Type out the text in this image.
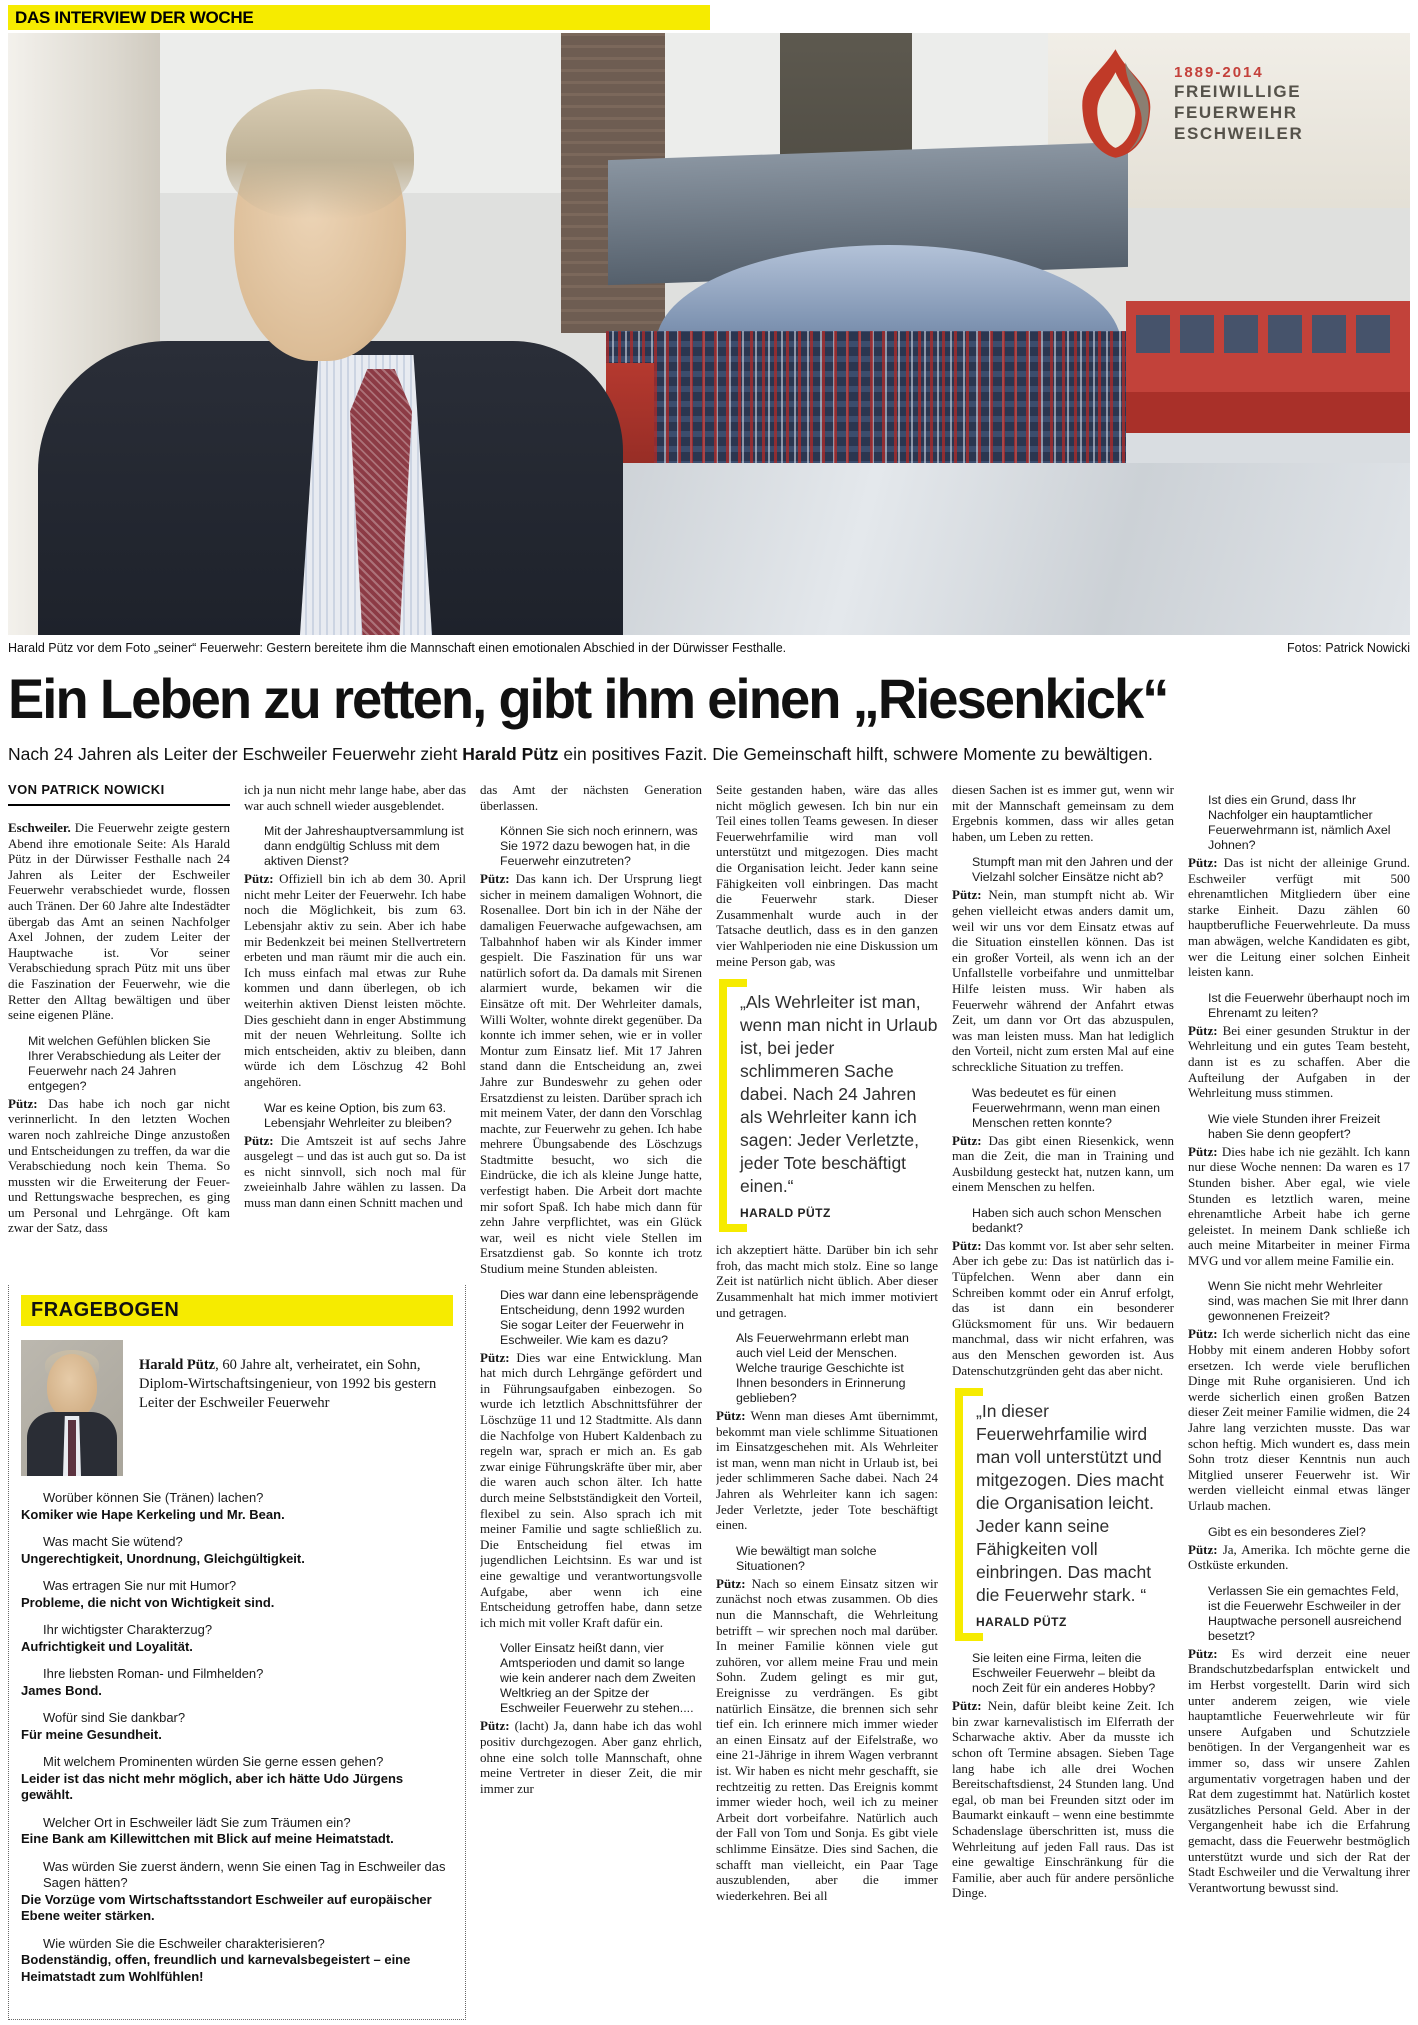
DAS INTERVIEW DER WOCHE
1889-2014
FREIWILLIGE
FEUERWEHR
ESCHWEILER
Harald Pütz vor dem Foto „seiner“ Feuerwehr: Gestern bereitete ihm die Mannschaft einen emotionalen Abschied in der Dürwisser Festhalle.	Fotos: Patrick Nowicki
Ein Leben zu retten, gibt ihm einen „Riesenkick“
Nach 24 Jahren als Leiter der Eschweiler Feuerwehr zieht Harald Pütz ein positives Fazit. Die Gemeinschaft hilft, schwere Momente zu bewältigen.
VON PATRICK NOWICKI

Eschweiler. Die Feuerwehr zeigte gestern Abend ihre emotionale Seite: Als Harald Pütz in der Dürwisser Festhalle nach 24 Jahren als Leiter der Eschweiler Feuerwehr verabschiedet wurde, flossen auch Tränen. Der 60 Jahre alte Indestädter übergab das Amt an seinen Nachfolger Axel Johnen, der zudem Leiter der Hauptwache ist. Vor seiner Verabschiedung sprach Pütz mit uns über die Faszination der Feuerwehr, wie die Retter den Alltag bewältigen und über seine eigenen Pläne.

Mit welchen Gefühlen blicken Sie Ihrer Verabschiedung als Leiter der Feuerwehr nach 24 Jahren entgegen?

Pütz: Das habe ich noch gar nicht verinnerlicht. In den letzten Wochen waren noch zahlreiche Dinge anzustoßen und Entscheidungen zu treffen, da war die Verabschiedung noch kein Thema. So mussten wir die Erweiterung der Feuer- und Rettungswache besprechen, es ging um Personal und Lehrgänge. Oft kam zwar der Satz, dass

ich ja nun nicht mehr lange habe, aber das war auch schnell wieder ausgeblendet.

Mit der Jahreshauptversammlung ist dann endgültig Schluss mit dem aktiven Dienst?

Pütz: Offiziell bin ich ab dem 30. April nicht mehr Leiter der Feuerwehr. Ich habe noch die Möglichkeit, bis zum 63. Lebensjahr aktiv zu sein. Aber ich habe mir Bedenkzeit bei meinen Stellvertretern erbeten und man räumt mir die auch ein. Ich muss einfach mal etwas zur Ruhe kommen und dann überlegen, ob ich weiterhin aktiven Dienst leisten möchte. Dies geschieht dann in enger Abstimmung mit der neuen Wehrleitung. Sollte ich mich entscheiden, aktiv zu bleiben, dann würde ich dem Löschzug 42 Bohl angehören.

War es keine Option, bis zum 63. Lebensjahr Wehrleiter zu bleiben?

Pütz: Die Amtszeit ist auf sechs Jahre ausgelegt – und das ist auch gut so. Da ist es nicht sinnvoll, sich noch mal für zweieinhalb Jahre wählen zu lassen. Da muss man dann einen Schnitt machen und

das Amt der nächsten Generation überlassen.

Können Sie sich noch erinnern, was Sie 1972 dazu bewogen hat, in die Feuerwehr einzutreten?

Pütz: Das kann ich. Der Ursprung liegt sicher in meinem damaligen Wohnort, die Rosenallee. Dort bin ich in der Nähe der damaligen Feuerwache aufgewachsen, am Talbahnhof haben wir als Kinder immer gespielt. Die Faszination für uns war natürlich sofort da. Da damals mit Sirenen alarmiert wurde, bekamen wir die Einsätze oft mit. Der Wehrleiter damals, Willi Wolter, wohnte direkt gegenüber. Da konnte ich immer sehen, wie er in voller Montur zum Einsatz lief. Mit 17 Jahren stand dann die Entscheidung an, zwei Jahre zur Bundeswehr zu gehen oder Ersatzdienst zu leisten. Darüber sprach ich mit meinem Vater, der dann den Vorschlag machte, zur Feuerwehr zu gehen. Ich habe mehrere Übungsabende des Löschzugs Stadtmitte besucht, wo sich die Eindrücke, die ich als kleine Junge hatte, verfestigt haben. Die Arbeit dort machte mir sofort Spaß. Ich habe mich dann für zehn Jahre verpflichtet, was ein Glück war, weil es nicht viele Stellen im Ersatzdienst gab. So konnte ich trotz Studium meine Stunden ableisten.

Dies war dann eine lebensprägende Entscheidung, denn 1992 wurden Sie sogar Leiter der Feuerwehr in Eschweiler. Wie kam es dazu?

Pütz: Dies war eine Entwicklung. Man hat mich durch Lehrgänge gefördert und in Führungsaufgaben einbezogen. So wurde ich letztlich Abschnittsführer der Löschzüge 11 und 12 Stadtmitte. Als dann die Nachfolge von Hubert Kaldenbach zu regeln war, sprach er mich an. Es gab zwar einige Führungskräfte über mir, aber die waren auch schon älter. Ich hatte durch meine Selbstständigkeit den Vorteil, flexibel zu sein. Also sprach ich mit meiner Familie und sagte schließlich zu. Die Entscheidung fiel etwas im jugendlichen Leichtsinn. Es war und ist eine gewaltige und verantwortungsvolle Aufgabe, aber wenn ich eine Entscheidung getroffen habe, dann setze ich mich mit voller Kraft dafür ein.

Voller Einsatz heißt dann, vier Amtsperioden und damit so lange wie kein anderer nach dem Zweiten Weltkrieg an der Spitze der Eschweiler Feuerwehr zu stehen....

Pütz: (lacht) Ja, dann habe ich das wohl positiv durchgezogen. Aber ganz ehrlich, ohne eine solch tolle Mannschaft, ohne meine Vertreter in dieser Zeit, die mir immer zur

Seite gestanden haben, wäre das alles nicht möglich gewesen. Ich bin nur ein Teil eines tollen Teams gewesen. In dieser Feuerwehrfamilie wird man voll unterstützt und mitgezogen. Dies macht die Organisation leicht. Jeder kann seine Fähigkeiten voll einbringen. Das macht die Feuerwehr stark. Dieser Zusammenhalt wurde auch in der Tatsache deutlich, dass es in den ganzen vier Wahlperioden nie eine Diskussion um meine Person gab, was

„Als Wehrleiter ist man, wenn man nicht in Urlaub ist, bei jeder schlimmeren Sache dabei. Nach 24 Jahren als Wehrleiter kann ich sagen: Jeder Verletzte, jeder Tote beschäftigt einen.“
HARALD PÜTZ

ich akzeptiert hätte. Darüber bin ich sehr froh, das macht mich stolz. Eine so lange Zeit ist natürlich nicht üblich. Aber dieser Zusammenhalt hat mich immer motiviert und getragen.

Als Feuerwehrmann erlebt man auch viel Leid der Menschen. Welche traurige Geschichte ist Ihnen besonders in Erinnerung geblieben?

Pütz: Wenn man dieses Amt übernimmt, bekommt man viele schlimme Situationen im Einsatzgeschehen mit. Als Wehrleiter ist man, wenn man nicht in Urlaub ist, bei jeder schlimmeren Sache dabei. Nach 24 Jahren als Wehrleiter kann ich sagen: Jeder Verletzte, jeder Tote beschäftigt einen.

Wie bewältigt man solche Situationen?

Pütz: Nach so einem Einsatz sitzen wir zunächst noch etwas zusammen. Ob dies nun die Mannschaft, die Wehrleitung betrifft – wir sprechen noch mal darüber. In meiner Familie können viele gut zuhören, vor allem meine Frau und mein Sohn. Zudem gelingt es mir gut, Ereignisse zu verdrängen. Es gibt natürlich Einsätze, die brennen sich sehr tief ein. Ich erinnere mich immer wieder an einen Einsatz auf der Eifelstraße, wo eine 21-Jährige in ihrem Wagen verbrannt ist. Wir haben es nicht mehr geschafft, sie rechtzeitig zu retten. Das Ereignis kommt immer wieder hoch, weil ich zu meiner Arbeit dort vorbeifahre. Natürlich auch der Fall von Tom und Sonja. Es gibt viele schlimme Einsätze. Dies sind Sachen, die schafft man vielleicht, ein Paar Tage auszublenden, aber die immer wiederkehren. Bei all

diesen Sachen ist es immer gut, wenn wir mit der Mannschaft gemeinsam zu dem Ergebnis kommen, dass wir alles getan haben, um Leben zu retten.

Stumpft man mit den Jahren und der Vielzahl solcher Einsätze nicht ab?

Pütz: Nein, man stumpft nicht ab. Wir gehen vielleicht etwas anders damit um, weil wir uns vor dem Einsatz etwas auf die Situation einstellen können. Das ist ein großer Vorteil, als wenn ich an der Unfallstelle vorbeifahre und unmittelbar Hilfe leisten muss. Wir haben als Feuerwehr während der Anfahrt etwas Zeit, um dann vor Ort das abzuspulen, was man leisten muss. Man hat lediglich den Vorteil, nicht zum ersten Mal auf eine schreckliche Situation zu treffen.

Was bedeutet es für einen Feuerwehrmann, wenn man einen Menschen retten konnte?

Pütz: Das gibt einen Riesenkick, wenn man die Zeit, die man in Training und Ausbildung gesteckt hat, nutzen kann, um einem Menschen zu helfen.

Haben sich auch schon Menschen bedankt?

Pütz: Das kommt vor. Ist aber sehr selten. Aber ich gebe zu: Das ist natürlich das i-Tüpfelchen. Wenn aber dann ein Schreiben kommt oder ein Anruf erfolgt, das ist dann ein besonderer Glücksmoment für uns. Wir bedauern manchmal, dass wir nicht erfahren, was aus den Menschen geworden ist. Aus Datenschutzgründen geht das aber nicht.

„In dieser Feuerwehrfamilie wird man voll unterstützt und mitgezogen. Dies macht die Organisation leicht. Jeder kann seine Fähigkeiten voll einbringen. Das macht die Feuerwehr stark. “
HARALD PÜTZ

Sie leiten eine Firma, leiten die Eschweiler Feuerwehr – bleibt da noch Zeit für ein anderes Hobby?

Pütz: Nein, dafür bleibt keine Zeit. Ich bin zwar karnevalistisch im Elferrath der Scharwache aktiv. Aber da musste ich schon oft Termine absagen. Sieben Tage lang habe ich alle drei Wochen Bereitschaftsdienst, 24 Stunden lang. Und egal, ob man bei Freunden sitzt oder im Baumarkt einkauft – wenn eine bestimmte Schadenslage überschritten ist, muss die Wehrleitung auf jeden Fall raus. Das ist eine gewaltige Einschränkung für die Familie, aber auch für andere persönliche Dinge.

Ist dies ein Grund, dass Ihr Nachfolger ein hauptamtlicher Feuerwehrmann ist, nämlich Axel Johnen?

Pütz: Das ist nicht der alleinige Grund. Eschweiler verfügt mit 500 ehrenamtlichen Mitgliedern über eine starke Einheit. Dazu zählen 60 hauptberufliche Feuerwehrleute. Da muss man abwägen, welche Kandidaten es gibt, wer die Leitung einer solchen Einheit leisten kann.

Ist die Feuerwehr überhaupt noch im Ehrenamt zu leiten?

Pütz: Bei einer gesunden Struktur in der Wehrleitung und ein gutes Team besteht, dann ist es zu schaffen. Aber die Aufteilung der Aufgaben in der Wehrleitung muss stimmen.

Wie viele Stunden ihrer Freizeit haben Sie denn geopfert?

Pütz: Dies habe ich nie gezählt. Ich kann nur diese Woche nennen: Da waren es 17 Stunden bisher. Aber egal, wie viele Stunden es letztlich waren, meine ehrenamtliche Arbeit habe ich gerne geleistet. In meinem Dank schließe ich auch meine Mitarbeiter in meiner Firma MVG und vor allem meine Familie ein.

Wenn Sie nicht mehr Wehrleiter sind, was machen Sie mit Ihrer dann gewonnenen Freizeit?

Pütz: Ich werde sicherlich nicht das eine Hobby mit einem anderen Hobby sofort ersetzen. Ich werde viele beruflichen Dinge mit Ruhe organisieren. Und ich werde sicherlich einen großen Batzen dieser Zeit meiner Familie widmen, die 24 Jahre lang verzichten musste. Das war schon heftig. Mich wundert es, dass mein Sohn trotz dieser Kenntnis nun auch Mitglied unserer Feuerwehr ist. Wir werden vielleicht einmal etwas länger Urlaub machen.

Gibt es ein besonderes Ziel?

Pütz: Ja, Amerika. Ich möchte gerne die Ostküste erkunden.

Verlassen Sie ein gemachtes Feld, ist die Feuerwehr Eschweiler in der Hauptwache personell ausreichend besetzt?

Pütz: Es wird derzeit eine neuer Brandschutzbedarfsplan entwickelt und im Herbst vorgestellt. Darin wird sich unter anderem zeigen, wie viele hauptamtliche Feuerwehrleute wir für unsere Aufgaben und Schutzziele benötigen. In der Vergangenheit war es immer so, dass wir unsere Zahlen argumentativ vorgetragen haben und der Rat dem zugestimmt hat. Natürlich kostet zusätzliches Personal Geld. Aber in der Vergangenheit habe ich die Erfahrung gemacht, dass die Feuerwehr bestmöglich unterstützt wurde und sich der Rat der Stadt Eschweiler und die Verwaltung ihrer Verantwortung bewusst sind.

FRAGEBOGEN
Harald Pütz, 60 Jahre alt, verheiratet, ein Sohn, Diplom-Wirtschaftsingenieur, von 1992 bis gestern Leiter der Eschweiler Feuerwehr

Worüber können Sie (Tränen) lachen?

Komiker wie Hape Kerkeling und Mr. Bean.

Was macht Sie wütend?

Ungerechtigkeit, Unordnung, Gleichgültigkeit.

Was ertragen Sie nur mit Humor?

Probleme, die nicht von Wichtigkeit sind.

Ihr wichtigster Charakterzug?

Aufrichtigkeit und Loyalität.

Ihre liebsten Roman- und Filmhelden?

James Bond.

Wofür sind Sie dankbar?

Für meine Gesundheit.

Mit welchem Prominenten würden Sie gerne essen gehen?

Leider ist das nicht mehr möglich, aber ich hätte Udo Jürgens gewählt.

Welcher Ort in Eschweiler lädt Sie zum Träumen ein?

Eine Bank am Killewittchen mit Blick auf meine Heimatstadt.

Was würden Sie zuerst ändern, wenn Sie einen Tag in Eschweiler das Sagen hätten?

Die Vorzüge vom Wirtschaftsstandort Eschweiler auf europäischer Ebene weiter stärken.

Wie würden Sie die Eschweiler charakterisieren?

Bodenständig, offen, freundlich und karnevalsbegeistert – eine Heimatstadt zum Wohlfühlen!
